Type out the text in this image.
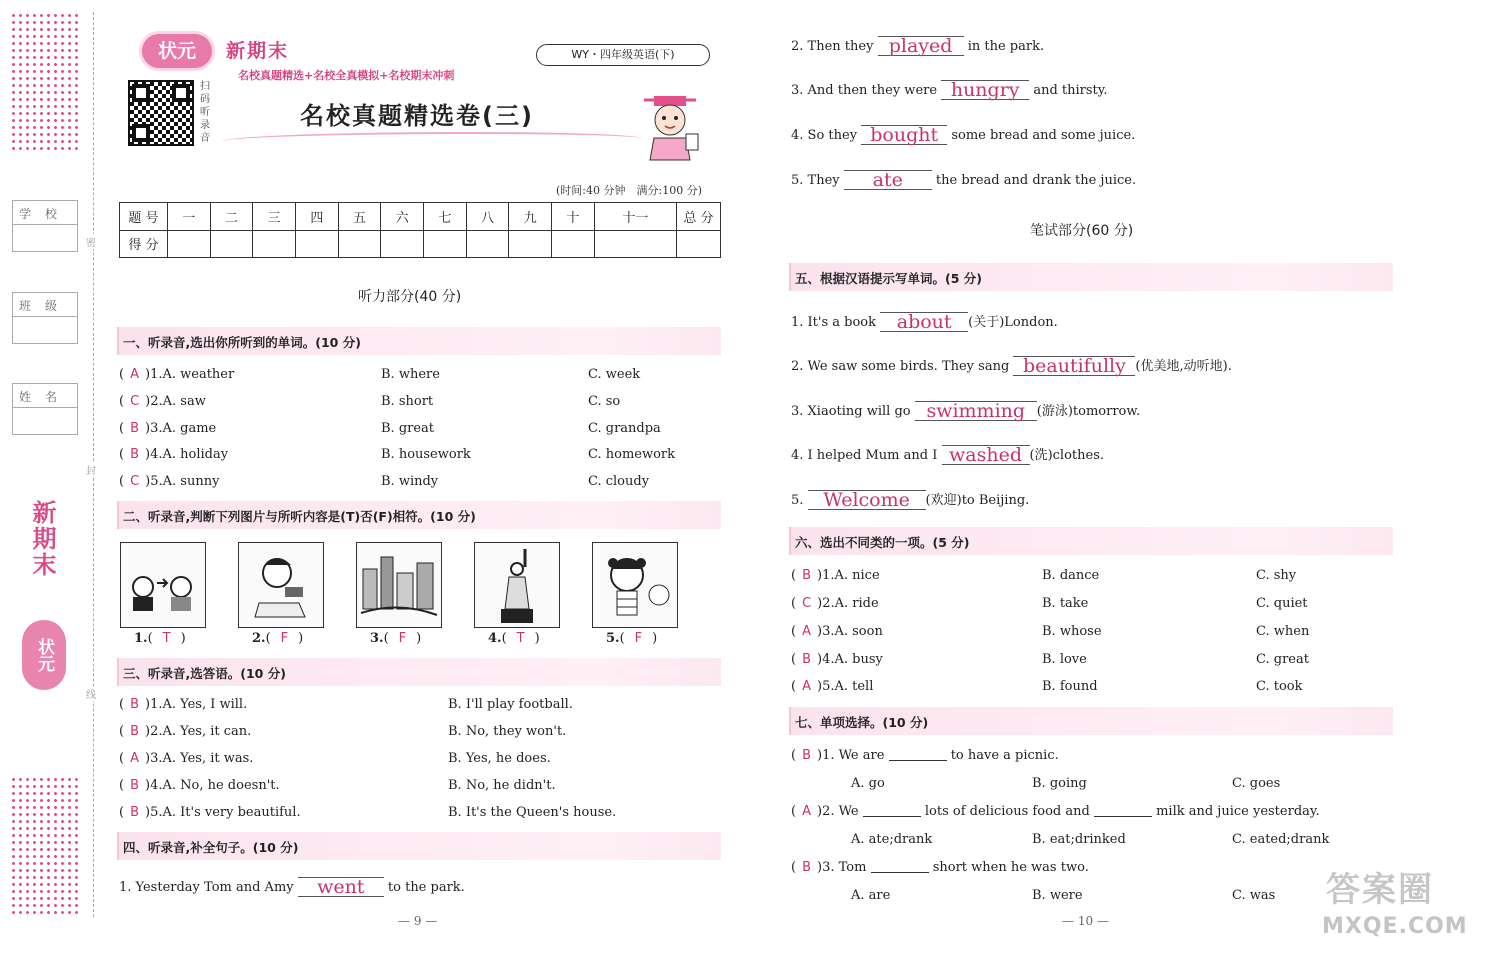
密
封
线
学校
班级
姓名
新期末
状元
状元	新期末	WY・四年级英语(下)
名校真题精选+名校全真模拟+名校期末冲刺
扫码听录音
名校真题精选卷(三)
(时间:40 分钟　满分:100 分)
题 号	一	二	三	四	五	六	七	八	九	十	十一	总 分
得 分												
听力部分(40 分)
一、听录音,选出你所听到的单词。(10 分)
( A )1.A. weather	B. where	C. week
( C )2.A. saw	B. short	C. so
( B )3.A. game	B. great	C. grandpa
( B )4.A. holiday	B. housework	C. homework
( C )5.A. sunny	B. windy	C. cloudy
二、听录音,判断下列图片与所听内容是(T)否(F)相符。(10 分)
1.( T )	2.( F )	3.( F )	4.( T )	5.( F )
三、听录音,选答语。(10 分)
( B )1.A. Yes, I will.	B. I'll play football.
( B )2.A. Yes, it can.	B. No, they won't.
( A )3.A. Yes, it was.	B. Yes, he does.
( B )4.A. No, he doesn't.	B. No, he didn't.
( B )5.A. It's very beautiful.	B. It's the Queen's house.
四、听录音,补全句子。(10 分)
1. Yesterday Tom and Amy went to the park.
— 9 —
2. Then they played in the park.
3. And then they were hungry and thirsty.
4. So they bought some bread and some juice.
5. They ate	the bread and drank the juice.
笔试部分(60 分)
五、根据汉语提示写单词。(5 分)
1. It's a book about (关于)London.
2. We saw some birds. They sang beautifully (优美地,动听地).
3. Xiaoting will go swimming (游泳)tomorrow.
4. I helped Mum and I washed (洗)clothes.
5. Welcome (欢迎)to Beijing.
六、选出不同类的一项。(5 分)
( B )1.A. nice	B. dance	C. shy
( C )2.A. ride	B. take	C. quiet
( A )3.A. soon	B. whose	C. when
( B )4.A. busy	B. love	C. great
( A )5.A. tell	B. found	C. took
七、单项选择。(10 分)
( B )1. We are	to have a picnic.
A. go	B. going	C. goes
( A )2. We	lots of delicious food and	milk and juice yesterday.
A. ate;drank	B. eat;drinked	C. eated;drank
( B )3. Tom	short when he was two.
A. are	B. were	C. was
— 10 —
答案圈
MXQE.COM
